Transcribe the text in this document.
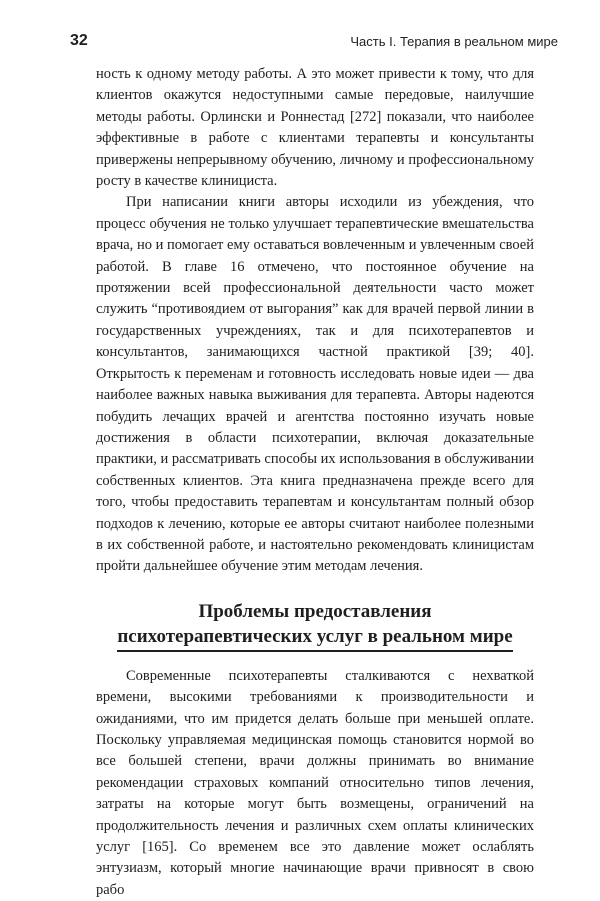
32	Часть I. Терапия в реальном мире

ность к одному методу работы. А это может привести к тому, что для клиентов окажутся недоступными самые передовые, наилучшие методы работы. Орлински и Роннестад [272] показали, что наиболее эффективные в работе с клиентами терапевты и консультанты привержены непрерывному обучению, личному и профессиональному росту в качестве клинициста.

При написании книги авторы исходили из убеждения, что процесс обучения не только улучшает терапевтические вмешательства врача, но и помогает ему оставаться вовлеченным и увлеченным своей работой. В главе 16 отмечено, что постоянное обучение на протяжении всей профессиональной деятельности часто может служить “противоядием от выгорания” как для врачей первой линии в государственных учреждениях, так и для психотерапевтов и консультантов, занимающихся частной практикой [39; 40]. Открытость к переменам и готовность исследовать новые идеи — два наиболее важных навыка выживания для терапевта. Авторы надеются побудить лечащих врачей и агентства постоянно изучать новые достижения в области психотерапии, включая доказательные практики, и рассматривать способы их использования в обслуживании собственных клиентов. Эта книга предназначена прежде всего для того, чтобы предоставить терапевтам и консультантам полный обзор подходов к лечению, которые ее авторы считают наиболее полезными в их собственной работе, и настоятельно рекомендовать клиницистам пройти дальнейшее обучение этим методам лечения.

Проблемы предоставления
психотерапевтических услуг в реальном мире

Современные психотерапевты сталкиваются с нехваткой времени, высокими требованиями к производительности и ожиданиями, что им придется делать больше при меньшей оплате. Поскольку управляемая медицинская помощь становится нормой во все большей степени, врачи должны принимать во внимание рекомендации страховых компаний относительно типов лечения, затраты на которые могут быть возмещены, ограничений на продолжительность лечения и различных схем оплаты клинических услуг [165]. Со временем все это давление может ослаблять энтузиазм, который многие начинающие врачи привносят в свою рабо
